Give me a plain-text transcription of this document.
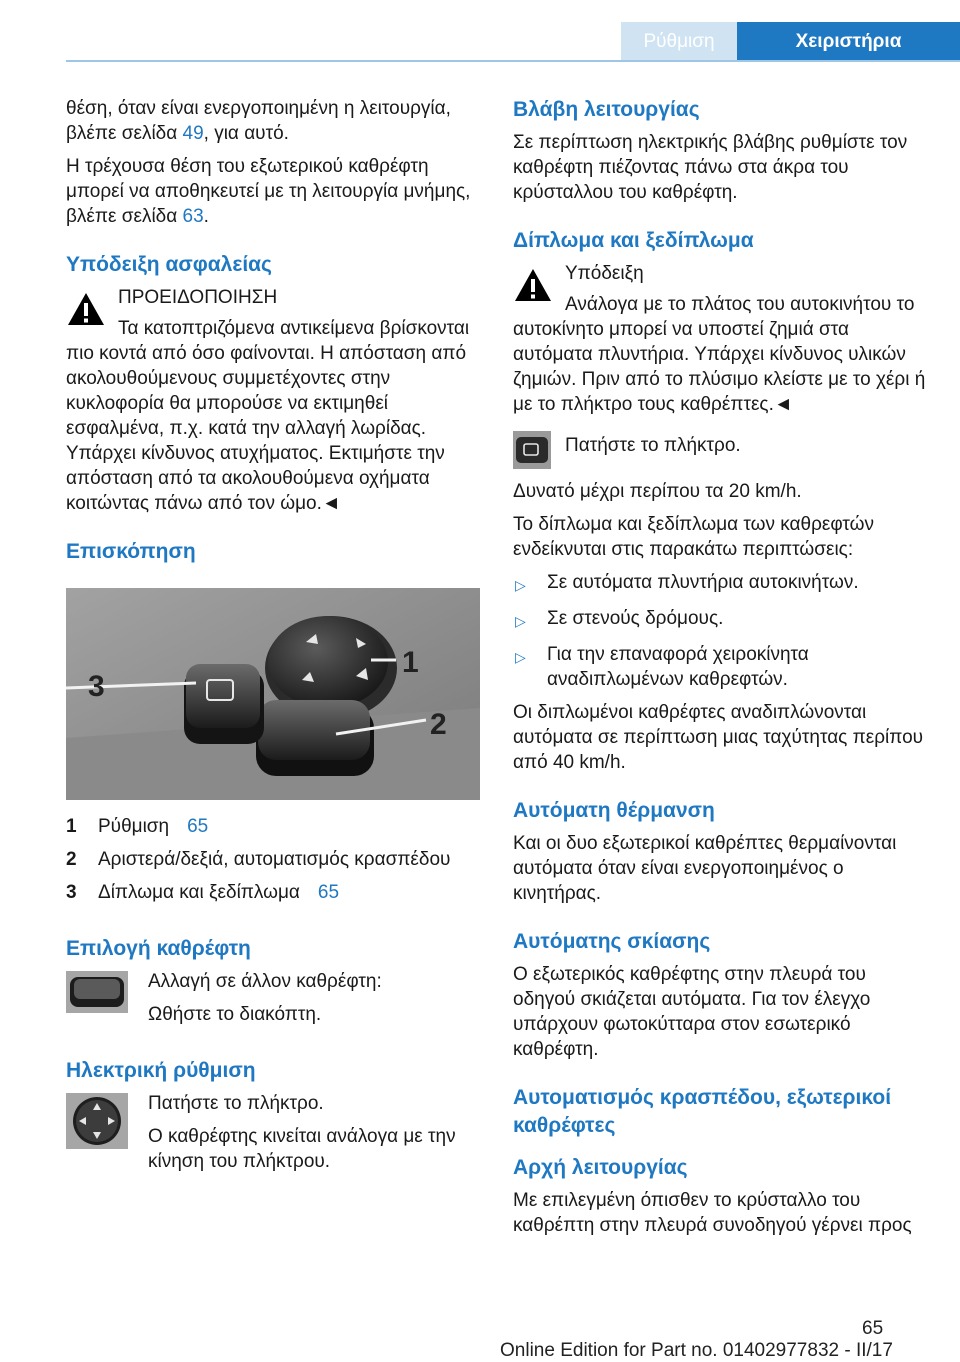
Ρύθμιση	Χειριστήρια

θέση, όταν είναι ενεργοποιημένη η λειτουργία, βλέπε σελίδα 49, για αυτό.

Η τρέχουσα θέση του εξωτερικού καθρέφτη μπορεί να αποθηκευτεί με τη λειτουργία μνήμης, βλέπε σελίδα 63.

Υπόδειξη ασφαλείας
ΠΡΟΕΙΔΟΠΟΙΗΣΗ

Τα κατοπτριζόμενα αντικείμενα βρίσκονται πιο κοντά από όσο φαίνονται. Η απόσταση από ακολουθούμενους συμμετέχοντες στην κυκλοφορία θα μπορούσε να εκτιμηθεί εσφαλμένα, π.χ. κατά την αλλαγή λωρίδας. Υπάρχει κίνδυνος ατυχήματος. Εκτιμήστε την απόσταση από τα ακολουθούμενα οχήματα κοιτώντας πάνω από τον ώμο.◄

Επισκόπηση
3
1
2
1	Ρύθμιση 65
2	Αριστερά/δεξιά, αυτοματισμός κρασπέδου
3	Δίπλωμα και ξεδίπλωμα 65
Επιλογή καθρέφτη

Αλλαγή σε άλλον καθρέφτη:

Ωθήστε το διακόπτη.

Ηλεκτρική ρύθμιση

Πατήστε το πλήκτρο.

Ο καθρέφτης κινείται ανάλογα με την κίνηση του πλήκτρου.

Βλάβη λειτουργίας

Σε περίπτωση ηλεκτρικής βλάβης ρυθμίστε τον καθρέφτη πιέζοντας πάνω στα άκρα του κρύσταλλου του καθρέφτη.

Δίπλωμα και ξεδίπλωμα
Υπόδειξη

Ανάλογα με το πλάτος του αυτοκινήτου το αυτοκίνητο μπορεί να υποστεί ζημιά στα αυτόματα πλυντήρια. Υπάρχει κίνδυνος υλικών ζημιών. Πριν από το πλύσιμο κλείστε με το χέρι ή με το πλήκτρο τους καθρέπτες.◄

Πατήστε το πλήκτρο.

Δυνατό μέχρι περίπου τα 20 km/h.

Το δίπλωμα και ξεδίπλωμα των καθρεφτών ενδείκνυται στις παρακάτω περιπτώσεις:

▷	Σε αυτόματα πλυντήρια αυτοκινήτων.
▷	Σε στενούς δρόμους.
▷	Για την επαναφορά χειροκίνητα αναδιπλωμένων καθρεφτών.

Οι διπλωμένοι καθρέφτες αναδιπλώνονται αυτόματα σε περίπτωση μιας ταχύτητας περίπου από 40 km/h.

Αυτόματη θέρμανση

Και οι δυο εξωτερικοί καθρέπτες θερμαίνονται αυτόματα όταν είναι ενεργοποιημένος ο κινητήρας.

Αυτόματης σκίασης

Ο εξωτερικός καθρέφτης στην πλευρά του οδηγού σκιάζεται αυτόματα. Για τον έλεγχο υπάρχουν φωτοκύτταρα στον εσωτερικό καθρέφτη.

Αυτοματισμός κρασπέδου, εξωτερικοί καθρέφτες
Αρχή λειτουργίας

Με επιλεγμένη όπισθεν το κρύσταλλο του καθρέπτη στην πλευρά συνοδηγού γέρνει προς

65
Online Edition for Part no. 01402977832 - II/17
